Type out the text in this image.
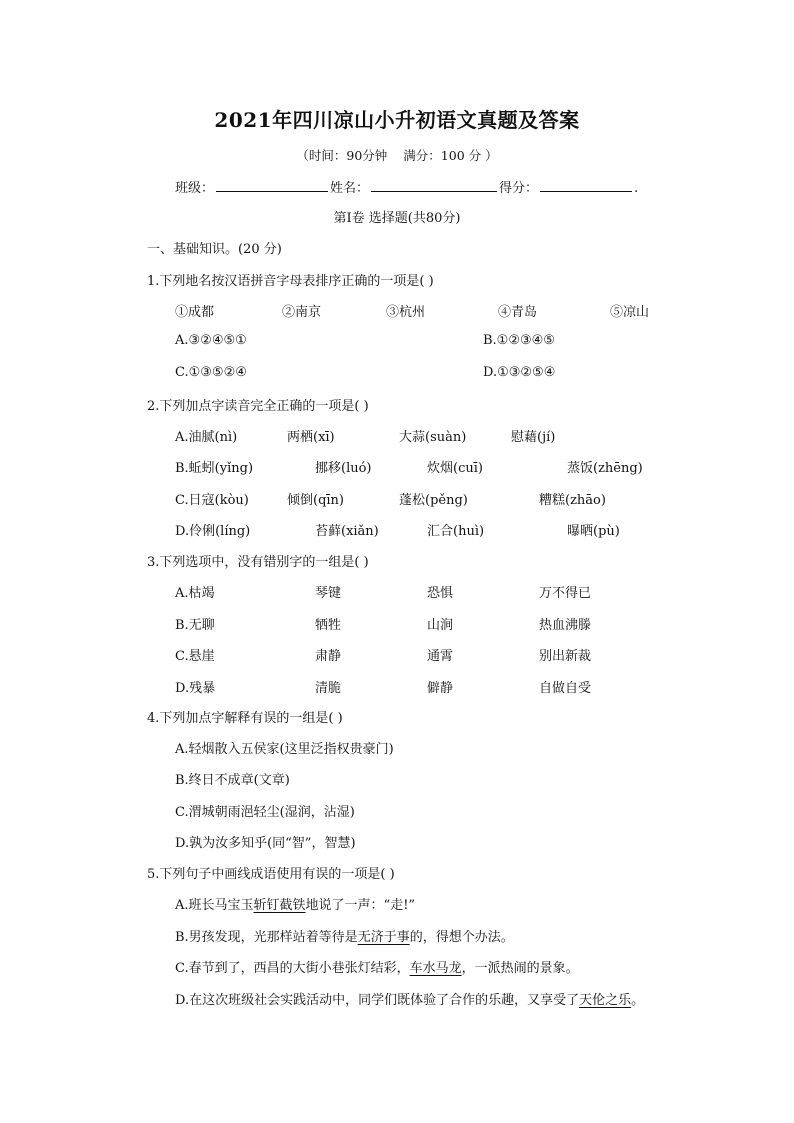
2021年四川凉山小升初语文真题及答案
（时间：90分钟 满分：100 分 ）
班级：	姓名：	得分：	.
第Ⅰ卷 选择题(共80分)
一、基础知识。(20 分)
1.下列地名按汉语拼音字母表排序正确的一项是( )
①成都	②南京	③杭州	④青岛	⑤凉山
A.③②④⑤①	B.①②③④⑤
C.①③⑤②④	D.①③②⑤④
2.下列加点字读音完全正确的一项是( )
A.油腻(nì)	两栖(xī)	大蒜(suàn)	慰藉(jí)
B.蚯蚓(yǐng)	挪移(luó)	炊烟(cuī)	蒸饭(zhēng)
C.日寇(kòu)	倾倒(qīn)	蓬松(pěng)	糟糕(zhāo)
D.伶俐(líng)	苔藓(xiǎn)	汇合(huì)	曝晒(pù)
3.下列选项中，没有错别字的一组是( )
A.枯竭	琴键	恐惧	万不得已
B.无聊	牺牲	山涧	热血沸滕
C.悬崖	肃静	通霄	别出新裁
D.残暴	清脆	僻静	自做自受
4.下列加点字解释有误的一组是( )
A.轻烟散入五侯家(这里泛指权贵豪门)
B.终日不成章(文章)
C.渭城朝雨浥轻尘(湿润，沾湿)
D.孰为汝多知乎(同“智”，智慧)
5.下列句子中画线成语使用有误的一项是( )
A.班长马宝玉斩钉截铁地说了一声：“走!”
B.男孩发现，光那样站着等待是无济于事的，得想个办法。
C.春节到了，西昌的大街小巷张灯结彩，车水马龙，一派热闹的景象。
D.在这次班级社会实践活动中，同学们既体验了合作的乐趣，又享受了天伦之乐。
